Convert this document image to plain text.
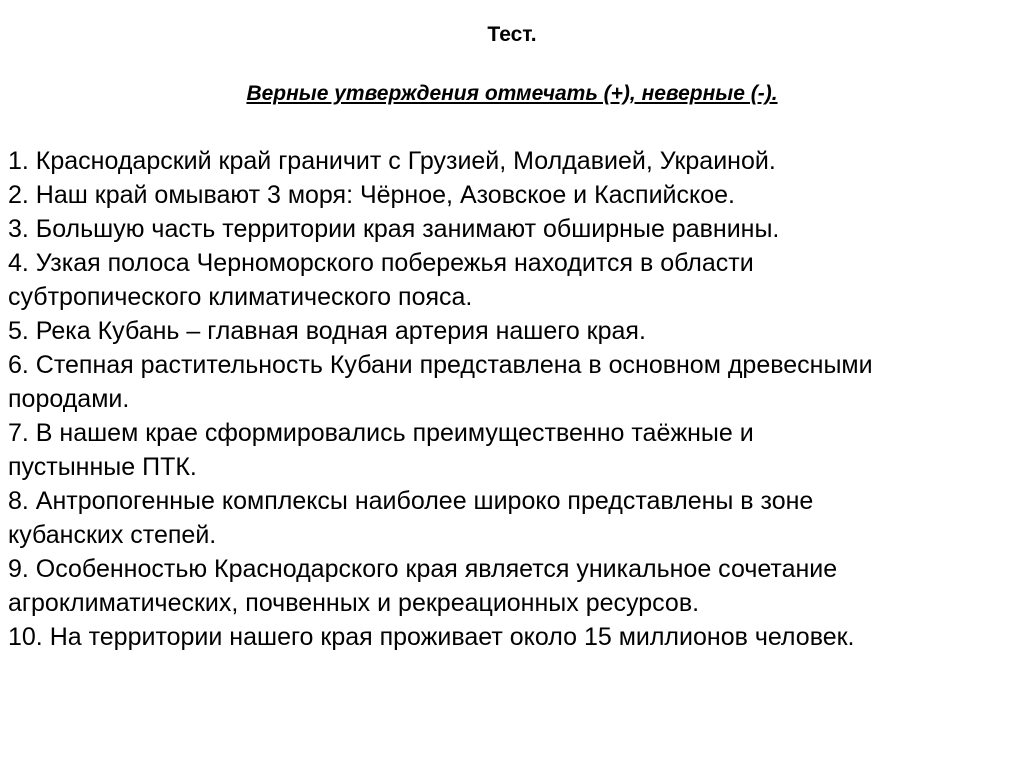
Тест.
Верные утверждения отмечать (+), неверные (-).
1. Краснодарский край граничит с Грузией, Молдавией, Украиной.
2. Наш край омывают 3 моря: Чёрное, Азовское и Каспийское.
3. Большую часть территории края занимают обширные равнины.
4. Узкая полоса Черноморского побережья находится в области
субтропического климатического пояса.
5. Река Кубань – главная водная артерия нашего края.
6. Степная растительность Кубани представлена в основном древесными
породами.
7. В нашем крае сформировались преимущественно таёжные и
пустынные ПТК.
8. Антропогенные комплексы наиболее широко представлены в зоне
кубанских степей.
9. Особенностью Краснодарского края является уникальное сочетание
агроклиматических, почвенных и рекреационных ресурсов.
10. На территории нашего края проживает около 15 миллионов человек.
